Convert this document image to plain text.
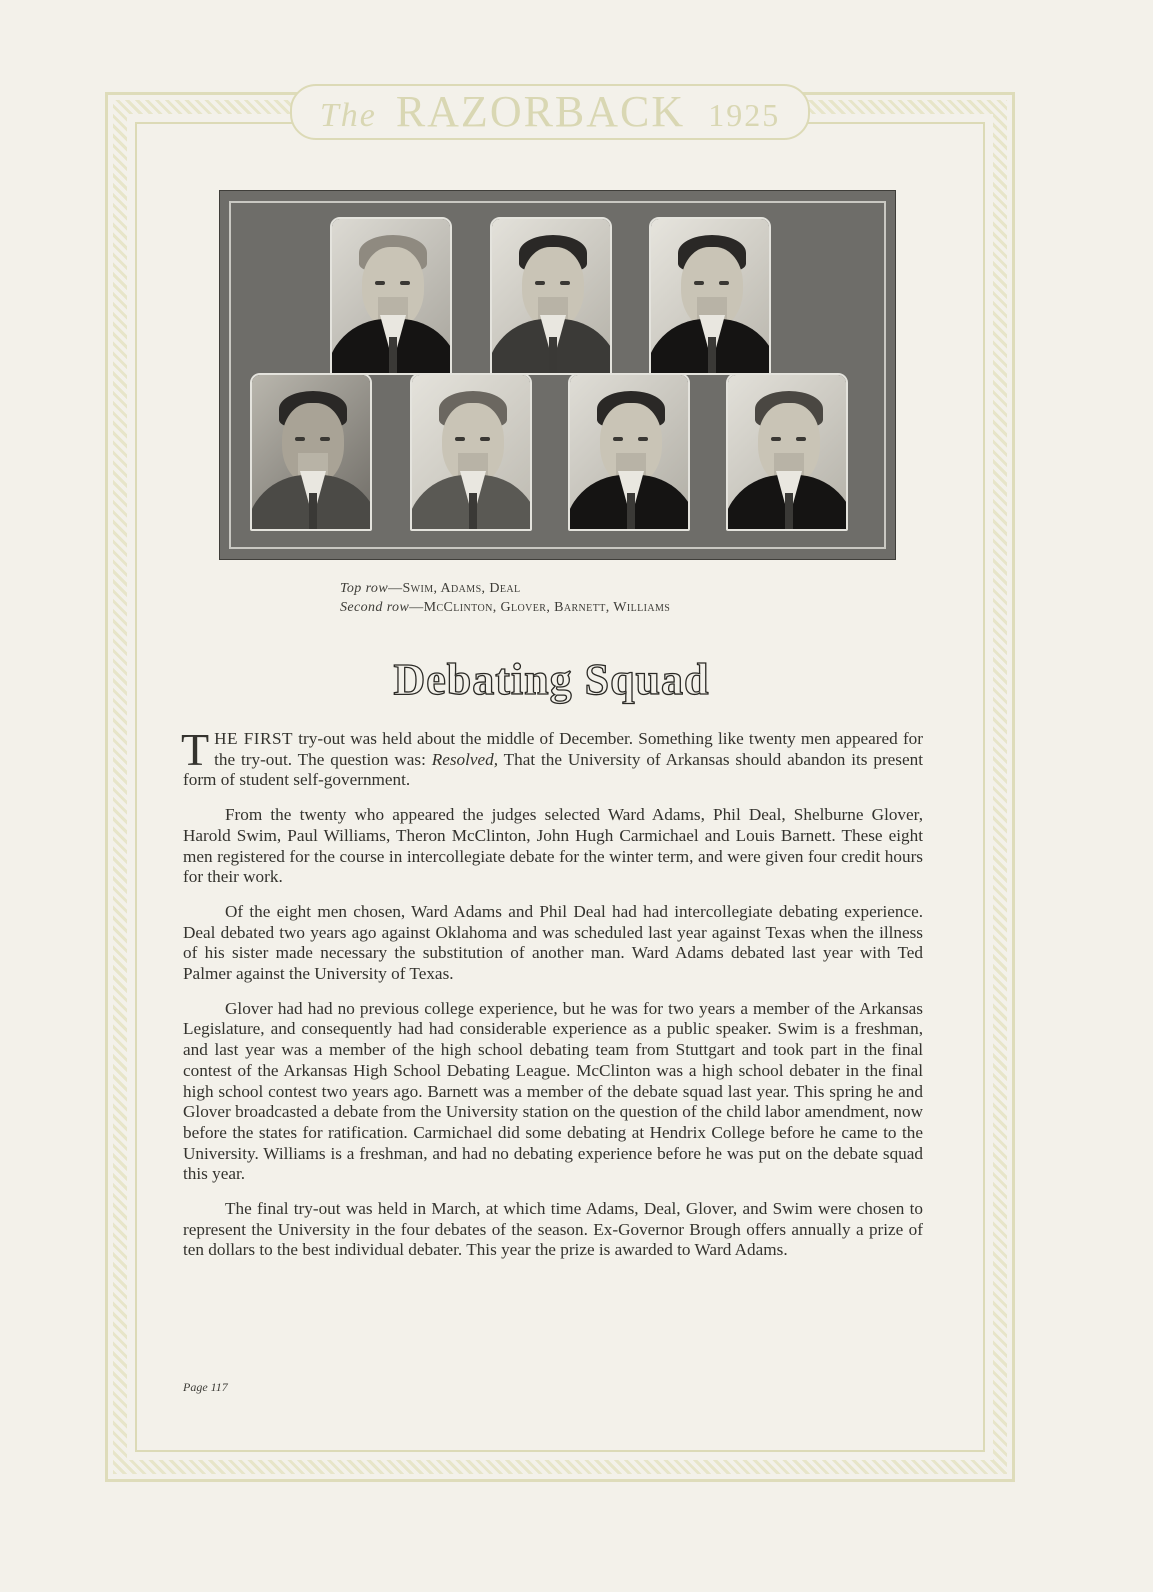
The RAZORBACK 1925
Top row—Swim, Adams, Deal
Second row—McClinton, Glover, Barnett, Williams
Debating Squad

THE FIRST try-out was held about the middle of December. Something like twenty men appeared for the try-out. The question was: Resolved, That the University of Arkansas should abandon its present form of student self-government.

From the twenty who appeared the judges selected Ward Adams, Phil Deal, Shelburne Glover, Harold Swim, Paul Williams, Theron McClinton, John Hugh Carmichael and Louis Barnett. These eight men registered for the course in intercollegiate debate for the winter term, and were given four credit hours for their work.

Of the eight men chosen, Ward Adams and Phil Deal had had intercollegiate debating experience. Deal debated two years ago against Oklahoma and was scheduled last year against Texas when the illness of his sister made necessary the substitution of another man. Ward Adams debated last year with Ted Palmer against the University of Texas.

Glover had had no previous college experience, but he was for two years a member of the Arkansas Legislature, and consequently had had considerable experience as a public speaker. Swim is a freshman, and last year was a member of the high school debating team from Stuttgart and took part in the final contest of the Arkansas High School Debating League. McClinton was a high school debater in the final high school contest two years ago. Barnett was a member of the debate squad last year. This spring he and Glover broadcasted a debate from the University station on the question of the child labor amendment, now before the states for ratification. Carmichael did some debating at Hendrix College before he came to the University. Williams is a freshman, and had no debating experience before he was put on the debate squad this year.

The final try-out was held in March, at which time Adams, Deal, Glover, and Swim were chosen to represent the University in the four debates of the season. Ex-Governor Brough offers annually a prize of ten dollars to the best individual debater. This year the prize is awarded to Ward Adams.

Page 117
